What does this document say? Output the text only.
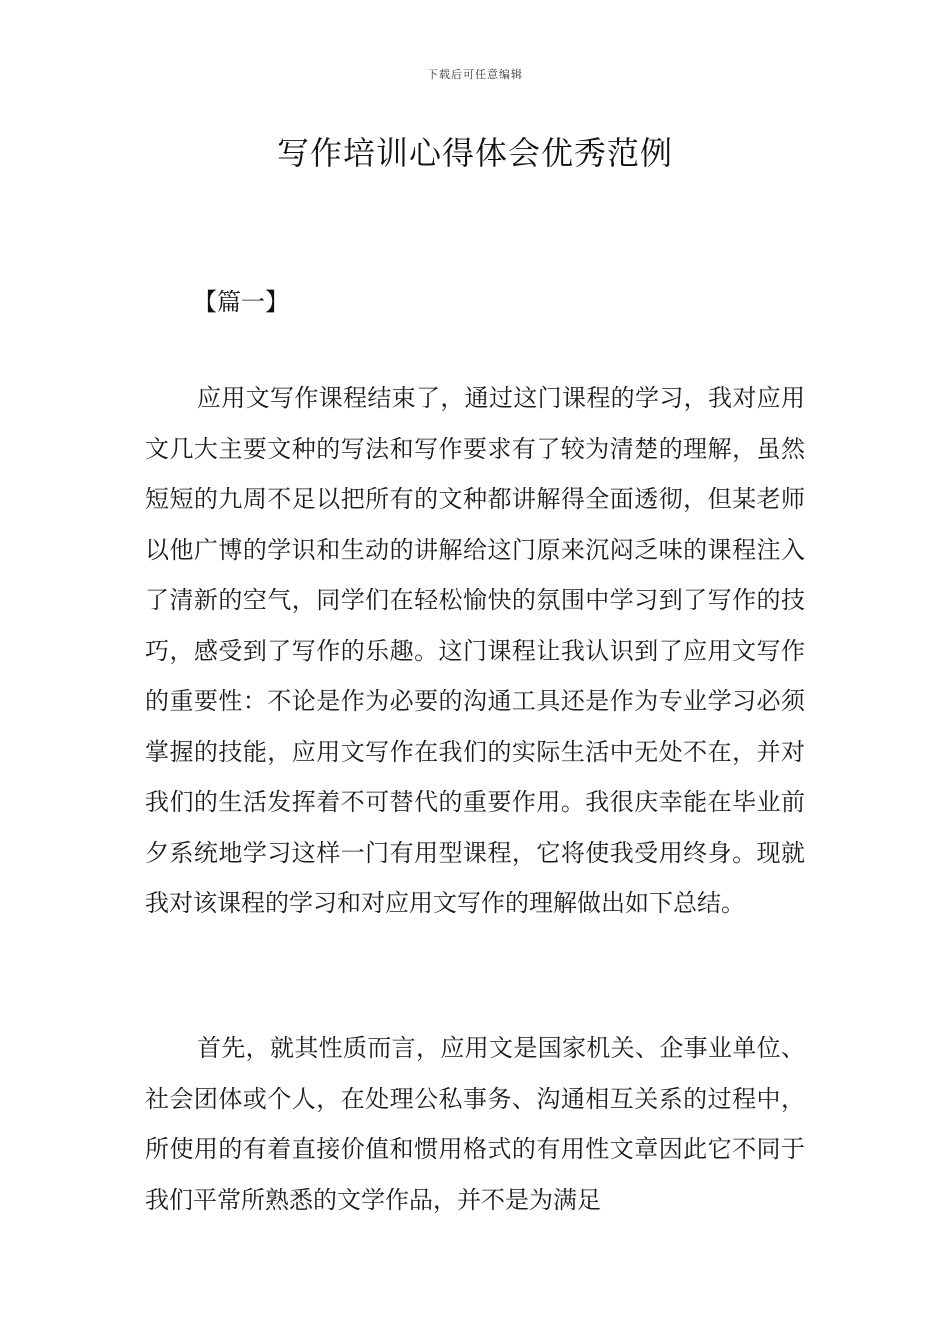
下载后可任意编辑
写作培训心得体会优秀范例
【篇一】

应用文写作课程结束了，通过这门课程的学习，我对应用文几大主要文种的写法和写作要求有了较为清楚的理解，虽然短短的九周不足以把所有的文种都讲解得全面透彻，但某老师以他广博的学识和生动的讲解给这门原来沉闷乏味的课程注入了清新的空气，同学们在轻松愉快的氛围中学习到了写作的技巧，感受到了写作的乐趣。这门课程让我认识到了应用文写作的重要性：不论是作为必要的沟通工具还是作为专业学习必须掌握的技能，应用文写作在我们的实际生活中无处不在，并对我们的生活发挥着不可替代的重要作用。我很庆幸能在毕业前夕系统地学习这样一门有用型课程，它将使我受用终身。现就我对该课程的学习和对应用文写作的理解做出如下总结。

首先，就其性质而言，应用文是国家机关、企事业单位、社会团体或个人，在处理公私事务、沟通相互关系的过程中，所使用的有着直接价值和惯用格式的有用性文章因此它不同于我们平常所熟悉的文学作品，并不是为满足
